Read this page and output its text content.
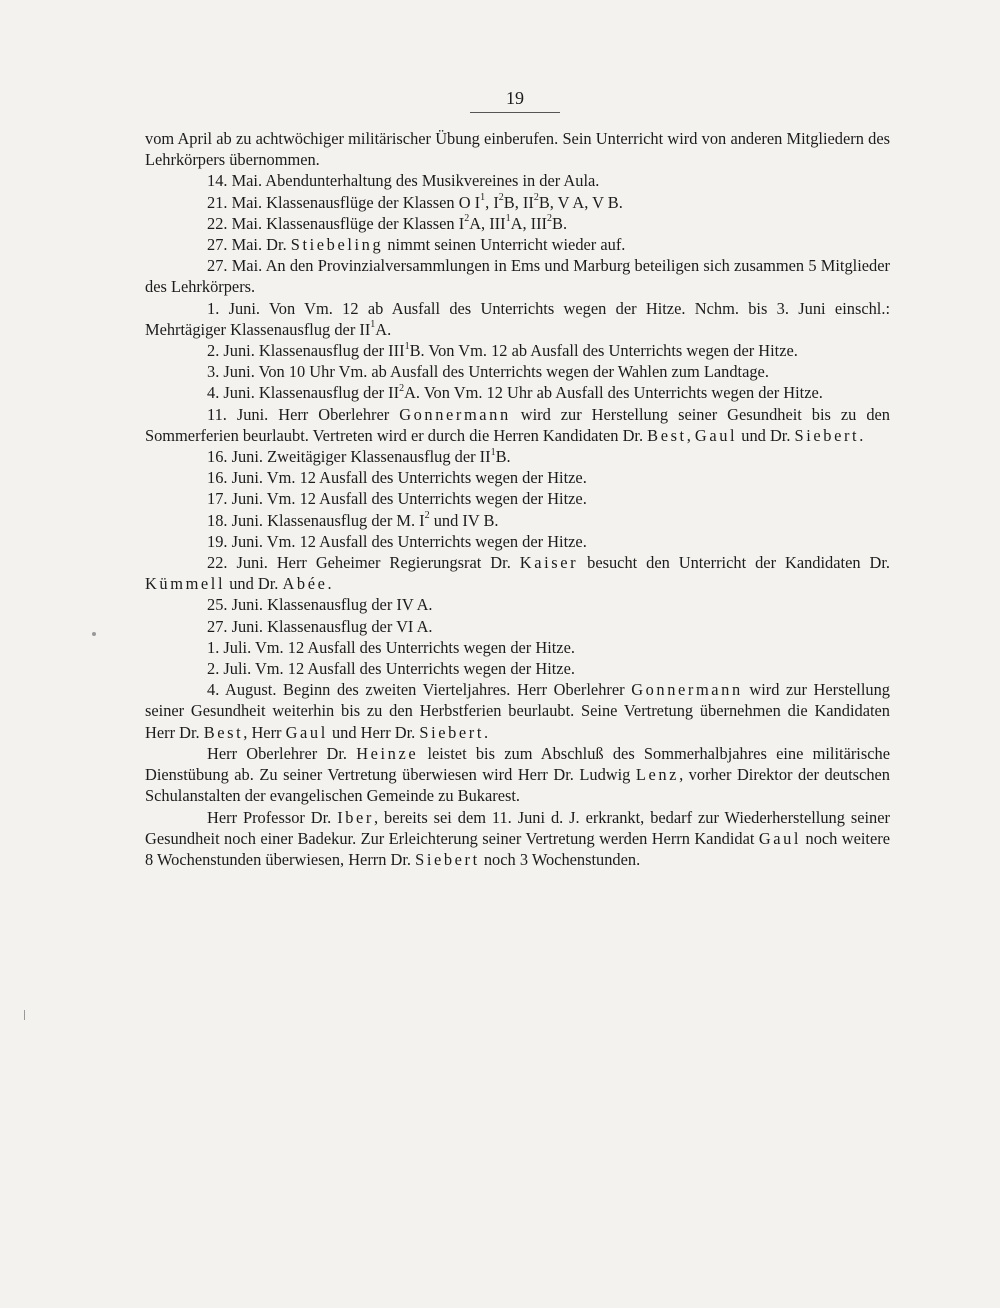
19

vom April ab zu achtwöchiger militärischer Übung einberufen. Sein Unterricht wird von anderen Mitgliedern des Lehrkörpers übernommen.

14. Mai. Abendunterhaltung des Musikvereines in der Aula.

21. Mai. Klassenausflüge der Klassen O $I^1$, $I^2B$, $II^2B$, V A, V B.

22. Mai. Klassenausflüge der Klassen $I^2A$, III$^1$A, III$^2$B.

27. Mai. Dr. Stiebeling nimmt seinen Unterricht wieder auf.

27. Mai. An den Provinzialversammlungen in Ems und Marburg beteiligen sich zusammen 5 Mitglieder des Lehrkörpers.

1. Juni. Von Vm. 12 ab Ausfall des Unterrichts wegen der Hitze. Nchm. bis 3. Juni einschl.: Mehrtägiger Klassenausflug der $II^1A$.

2. Juni. Klassenausflug der III$^1$B. Von Vm. 12 ab Ausfall des Unterrichts wegen der Hitze.

3. Juni. Von 10 Uhr Vm. ab Ausfall des Unterrichts wegen der Wahlen zum Landtage.

4. Juni. Klassenausflug der $II^2A$. Von Vm. 12 Uhr ab Ausfall des Unterrichts wegen der Hitze.

11. Juni. Herr Oberlehrer Gonnermann wird zur Herstellung seiner Gesundheit bis zu den Sommerferien beurlaubt. Vertreten wird er durch die Herren Kandidaten Dr. Best, Gaul und Dr. Siebert.

16. Juni. Zweitägiger Klassenausflug der $II^1B$.

16. Juni. Vm. 12 Ausfall des Unterrichts wegen der Hitze.

17. Juni. Vm. 12 Ausfall des Unterrichts wegen der Hitze.

18. Juni. Klassenausflug der M. $I^2$ und IV B.

19. Juni. Vm. 12 Ausfall des Unterrichts wegen der Hitze.

22. Juni. Herr Geheimer Regierungsrat Dr. Kaiser besucht den Unterricht der Kandidaten Dr. Kümmell und Dr. Abée.

25. Juni. Klassenausflug der IV A.

27. Juni. Klassenausflug der VI A.

1. Juli. Vm. 12 Ausfall des Unterrichts wegen der Hitze.

2. Juli. Vm. 12 Ausfall des Unterrichts wegen der Hitze.

4. August. Beginn des zweiten Vierteljahres. Herr Oberlehrer Gonnermann wird zur Herstellung seiner Gesundheit weiterhin bis zu den Herbstferien beurlaubt. Seine Vertretung übernehmen die Kandidaten Herr Dr. Best, Herr Gaul und Herr Dr. Siebert.

Herr Oberlehrer Dr. Heinze leistet bis zum Abschluß des Sommerhalbjahres eine militärische Dienstübung ab. Zu seiner Vertretung überwiesen wird Herr Dr. Ludwig Lenz, vorher Direktor der deutschen Schulanstalten der evangelischen Gemeinde zu Bukarest.

Herr Professor Dr. Iber, bereits sei dem 11. Juni d. J. erkrankt, bedarf zur Wiederherstellung seiner Gesundheit noch einer Badekur. Zur Erleichterung seiner Vertretung werden Herrn Kandidat Gaul noch weitere 8 Wochenstunden überwiesen, Herrn Dr. Siebert noch 3 Wochenstunden.
